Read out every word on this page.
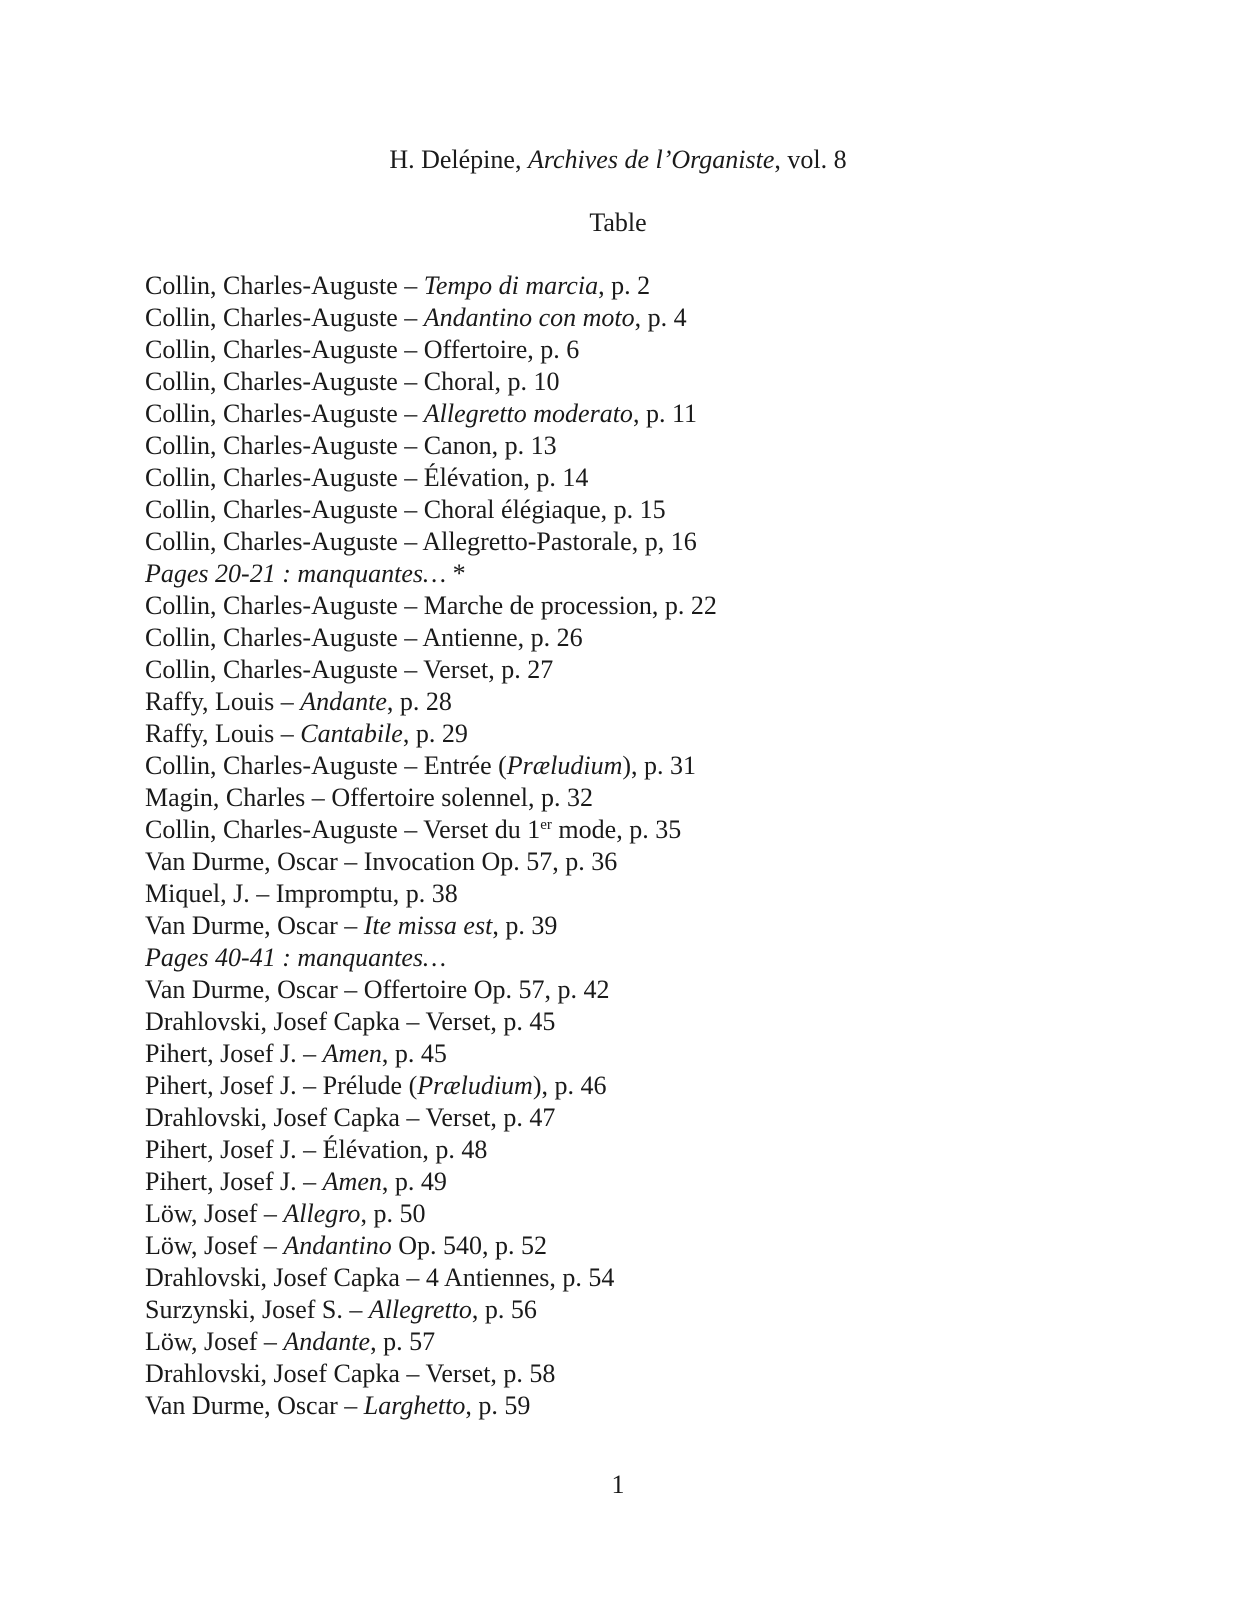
H. Delépine, Archives de l’Organiste, vol. 8
Table
Collin, Charles-Auguste – Tempo di marcia, p. 2
Collin, Charles-Auguste – Andantino con moto, p. 4
Collin, Charles-Auguste – Offertoire, p. 6
Collin, Charles-Auguste – Choral, p. 10
Collin, Charles-Auguste – Allegretto moderato, p. 11
Collin, Charles-Auguste – Canon, p. 13
Collin, Charles-Auguste – Élévation, p. 14
Collin, Charles-Auguste – Choral élégiaque, p. 15
Collin, Charles-Auguste – Allegretto-Pastorale, p, 16
Pages 20-21 : manquantes… *
Collin, Charles-Auguste – Marche de procession, p. 22
Collin, Charles-Auguste – Antienne, p. 26
Collin, Charles-Auguste – Verset, p. 27
Raffy, Louis – Andante, p. 28
Raffy, Louis – Cantabile, p. 29
Collin, Charles-Auguste – Entrée (Præludium), p. 31
Magin, Charles – Offertoire solennel, p. 32
Collin, Charles-Auguste – Verset du 1er mode, p. 35
Van Durme, Oscar – Invocation Op. 57, p. 36
Miquel, J. – Impromptu, p. 38
Van Durme, Oscar – Ite missa est, p. 39
Pages 40-41 : manquantes…
Van Durme, Oscar – Offertoire Op. 57, p. 42
Drahlovski, Josef Capka – Verset, p. 45
Pihert, Josef J. – Amen, p. 45
Pihert, Josef J. – Prélude (Præludium), p. 46
Drahlovski, Josef Capka – Verset, p. 47
Pihert, Josef J. – Élévation, p. 48
Pihert, Josef J. – Amen, p. 49
Löw, Josef – Allegro, p. 50
Löw, Josef – Andantino Op. 540, p. 52
Drahlovski, Josef Capka – 4 Antiennes, p. 54
Surzynski, Josef S. – Allegretto, p. 56
Löw, Josef – Andante, p. 57
Drahlovski, Josef Capka – Verset, p. 58
Van Durme, Oscar – Larghetto, p. 59
1
